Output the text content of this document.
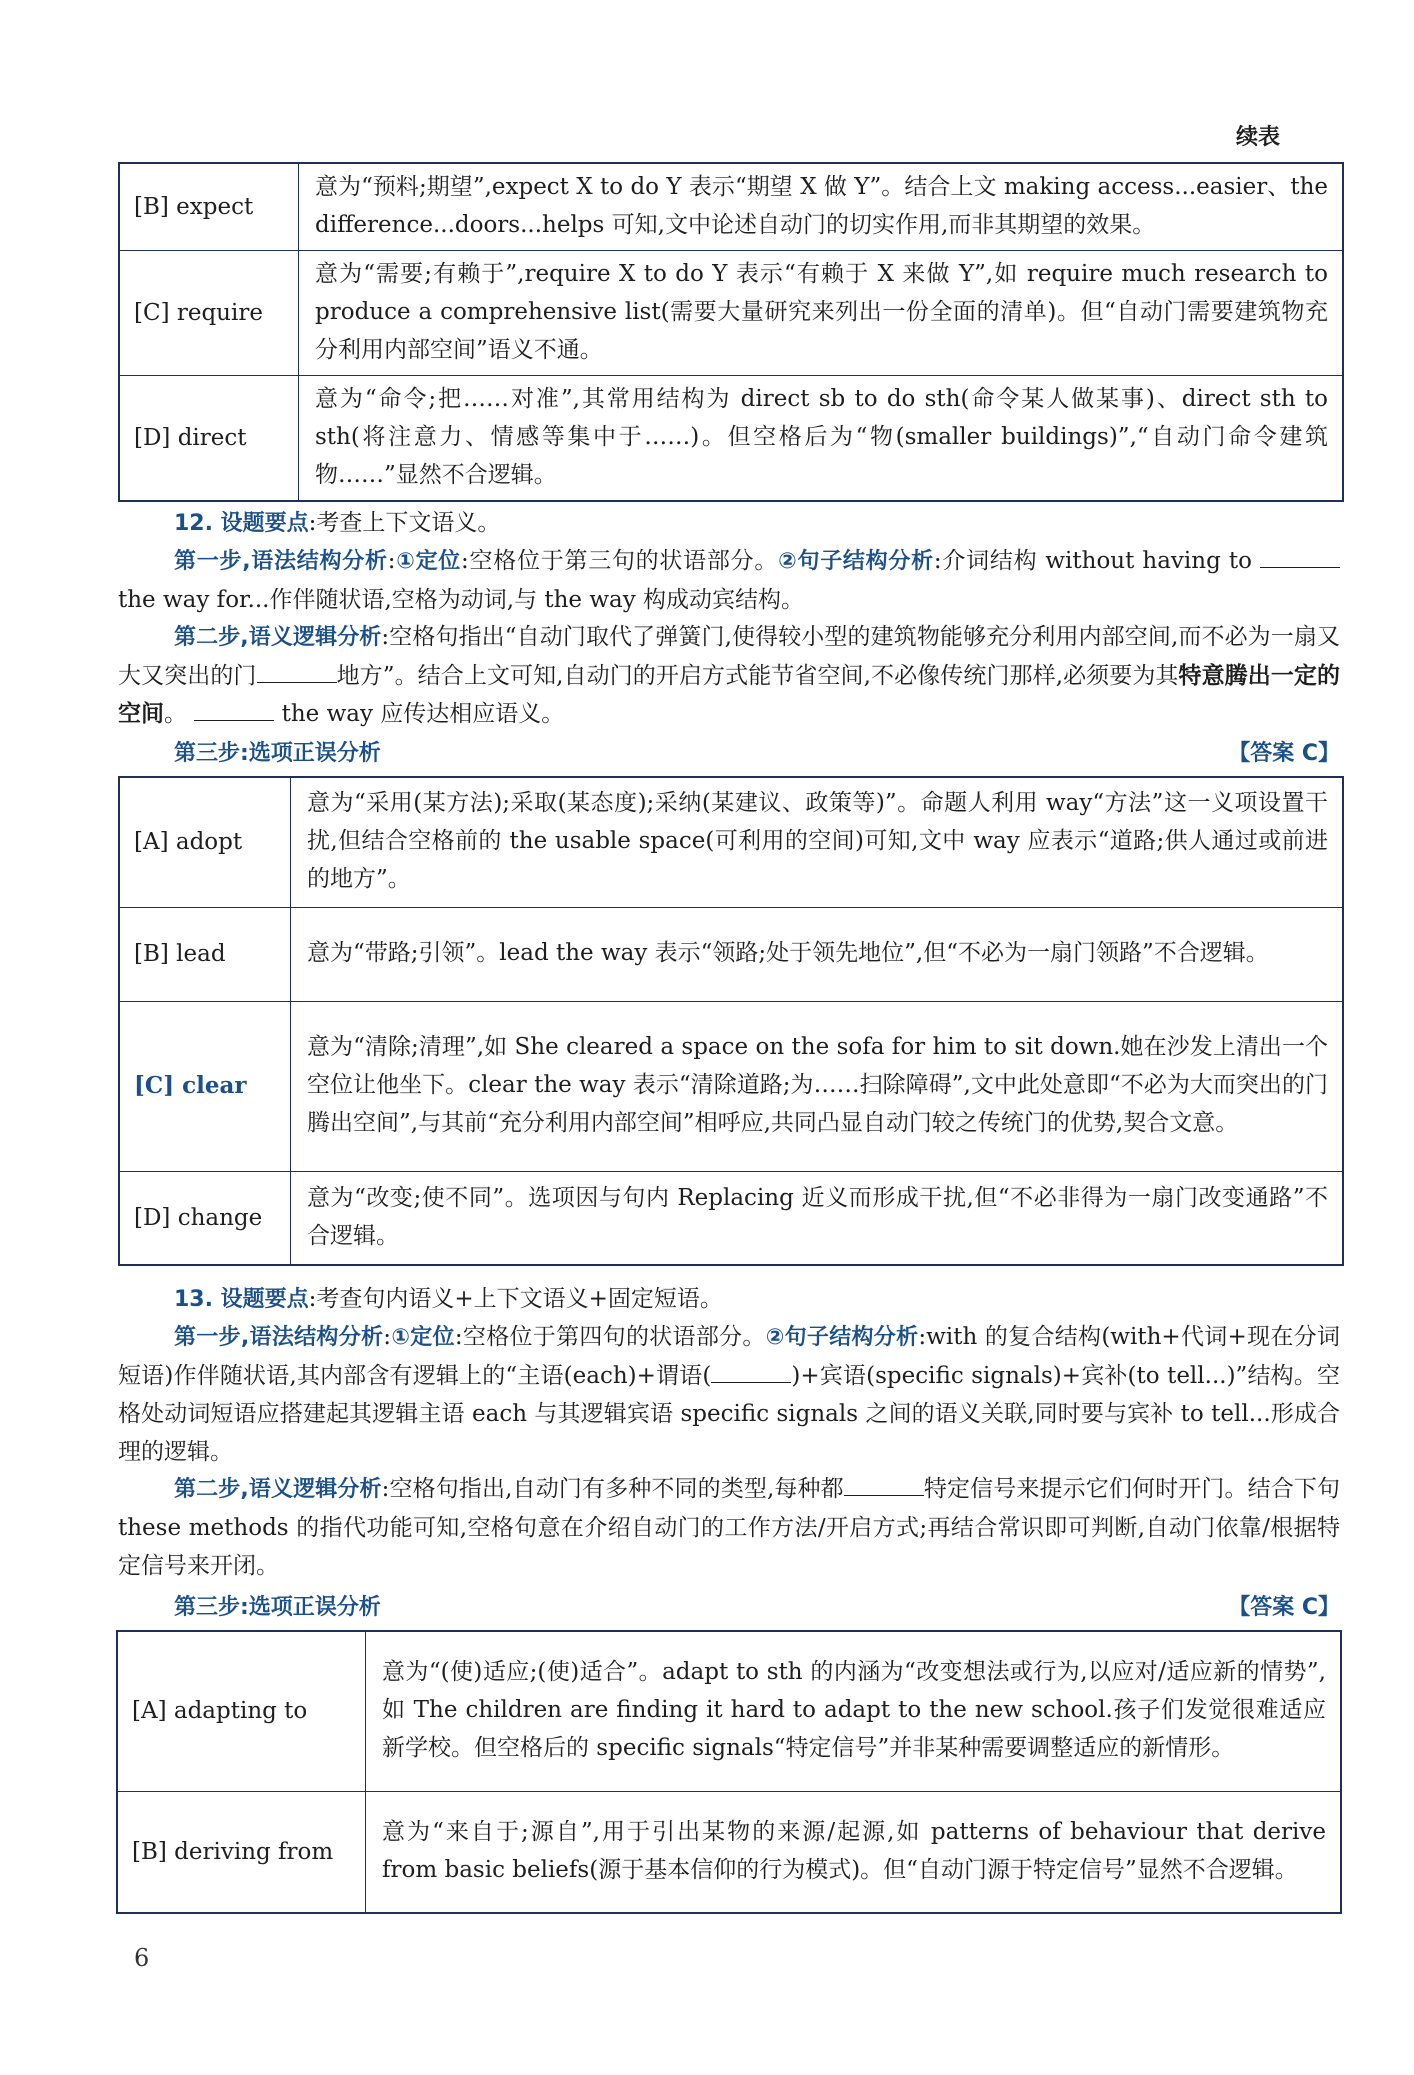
续表
[B] expect	意为“预料;期望”,expect X to do Y 表示“期望 X 做 Y”。结合上文 making access...easier、the difference...doors...helps 可知,文中论述自动门的切实作用,而非其期望的效果。
[C] require	意为“需要;有赖于”,require X to do Y 表示“有赖于 X 来做 Y”,如 require much research to produce a comprehensive list(需要大量研究来列出一份全面的清单)。但“自动门需要建筑物充分利用内部空间”语义不通。
[D] direct	意为“命令;把……对准”,其常用结构为 direct sb to do sth(命令某人做某事)、direct sth to sth(将注意力、情感等集中于……)。但空格后为“物(smaller buildings)”,“自动门命令建筑物……”显然不合逻辑。
12. 设题要点:考查上下文语义。
第一步,语法结构分析:①定位:空格位于第三句的状语部分。②句子结构分析:介词结构 without having to  the way for...作伴随状语,空格为动词,与 the way 构成动宾结构。
第二步,语义逻辑分析:空格句指出“自动门取代了弹簧门,使得较小型的建筑物能够充分利用内部空间,而不必为一扇又大又突出的门	地方”。结合上文可知,自动门的开启方式能节省空间,不必像传统门那样,必须要为其特意腾出一定的空间。	the way 应传达相应语义。
第三步:选项正误分析	【答案 C】
[A] adopt	意为“采用(某方法);采取(某态度);采纳(某建议、政策等)”。命题人利用 way“方法”这一义项设置干扰,但结合空格前的 the usable space(可利用的空间)可知,文中 way 应表示“道路;供人通过或前进的地方”。
[B] lead	意为“带路;引领”。lead the way 表示“领路;处于领先地位”,但“不必为一扇门领路”不合逻辑。
[C] clear	意为“清除;清理”,如 She cleared a space on the sofa for him to sit down.她在沙发上清出一个空位让他坐下。clear the way 表示“清除道路;为……扫除障碍”,文中此处意即“不必为大而突出的门腾出空间”,与其前“充分利用内部空间”相呼应,共同凸显自动门较之传统门的优势,契合文意。
[D] change	意为“改变;使不同”。选项因与句内 Replacing 近义而形成干扰,但“不必非得为一扇门改变通路”不合逻辑。
13. 设题要点:考查句内语义+上下文语义+固定短语。
第一步,语法结构分析:①定位:空格位于第四句的状语部分。②句子结构分析:with 的复合结构(with+代词+现在分词短语)作伴随状语,其内部含有逻辑上的“主语(each)+谓语(	)+宾语(specific signals)+宾补(to tell...)”结构。空格处动词短语应搭建起其逻辑主语 each 与其逻辑宾语 specific signals 之间的语义关联,同时要与宾补 to tell...形成合理的逻辑。
第二步,语义逻辑分析:空格句指出,自动门有多种不同的类型,每种都	特定信号来提示它们何时开门。结合下句 these methods 的指代功能可知,空格句意在介绍自动门的工作方法/开启方式;再结合常识即可判断,自动门依靠/根据特定信号来开闭。
第三步:选项正误分析	【答案 C】
[A] adapting to	意为“(使)适应;(使)适合”。adapt to sth 的内涵为“改变想法或行为,以应对/适应新的情势”,如 The children are finding it hard to adapt to the new school.孩子们发觉很难适应新学校。但空格后的 specific signals“特定信号”并非某种需要调整适应的新情形。
[B] deriving from	意为“来自于;源自”,用于引出某物的来源/起源,如 patterns of behaviour that derive from basic beliefs(源于基本信仰的行为模式)。但“自动门源于特定信号”显然不合逻辑。
6
